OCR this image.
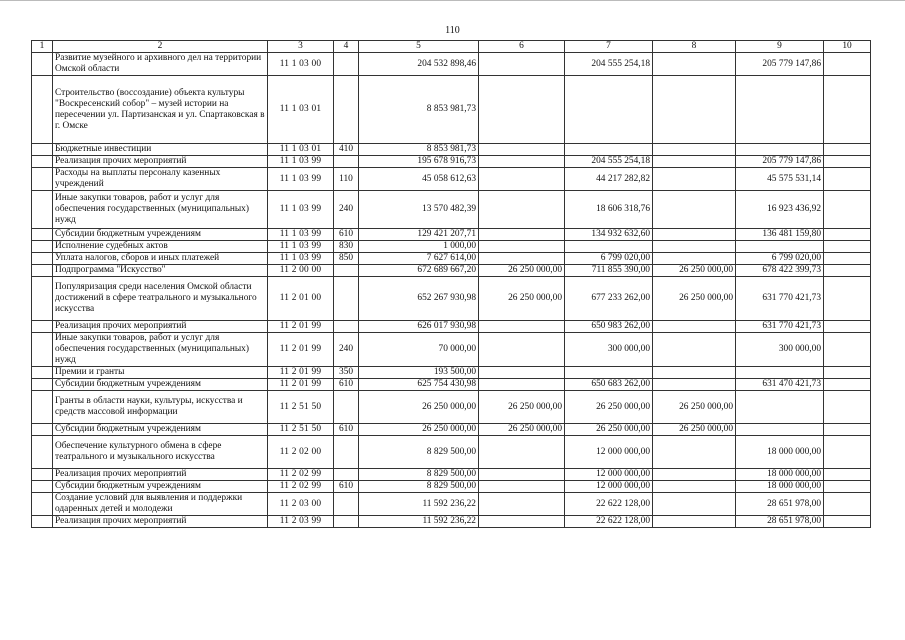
110
1	2	3	4	5	6	7	8	9	10
	Развитие музейного и архивного дел на территории Омской области	11 1 03 00		204 532 898,46		204 555 254,18		205 779 147,86	
	Строительство (воссоздание) объекта культуры "Воскресенский собор" – музей истории на пересечении ул. Партизанская и ул. Спартаковская в г. Омске	11 1 03 01		8 853 981,73					
	Бюджетные инвестиции	11 1 03 01	410	8 853 981,73					
	Реализация прочих мероприятий	11 1 03 99		195 678 916,73		204 555 254,18		205 779 147,86	
	Расходы на выплаты персоналу казенных учреждений	11 1 03 99	110	45 058 612,63		44 217 282,82		45 575 531,14	
	Иные закупки товаров, работ и услуг для обеспечения государственных (муниципальных) нужд	11 1 03 99	240	13 570 482,39		18 606 318,76		16 923 436,92	
	Субсидии бюджетным учреждениям	11 1 03 99	610	129 421 207,71		134 932 632,60		136 481 159,80	
	Исполнение судебных актов	11 1 03 99	830	1 000,00					
	Уплата налогов, сборов и иных платежей	11 1 03 99	850	7 627 614,00		6 799 020,00		6 799 020,00	
	Подпрограмма "Искусство"	11 2 00 00		672 689 667,20	26 250 000,00	711 855 390,00	26 250 000,00	678 422 399,73	
	Популяризация среди населения Омской области достижений в сфере театрального и музыкального искусства	11 2 01 00		652 267 930,98	26 250 000,00	677 233 262,00	26 250 000,00	631 770 421,73	
	Реализация прочих мероприятий	11 2 01 99		626 017 930,98		650 983 262,00		631 770 421,73	
	Иные закупки товаров, работ и услуг для обеспечения государственных (муниципальных) нужд	11 2 01 99	240	70 000,00		300 000,00		300 000,00	
	Премии и гранты	11 2 01 99	350	193 500,00					
	Субсидии бюджетным учреждениям	11 2 01 99	610	625 754 430,98		650 683 262,00		631 470 421,73	
	Гранты в области науки, культуры, искусства и средств массовой информации	11 2 51 50		26 250 000,00	26 250 000,00	26 250 000,00	26 250 000,00		
	Субсидии бюджетным учреждениям	11 2 51 50	610	26 250 000,00	26 250 000,00	26 250 000,00	26 250 000,00		
	Обеспечение культурного обмена в сфере театрального и музыкального искусства	11 2 02 00		8 829 500,00		12 000 000,00		18 000 000,00	
	Реализация прочих мероприятий	11 2 02 99		8 829 500,00		12 000 000,00		18 000 000,00	
	Субсидии бюджетным учреждениям	11 2 02 99	610	8 829 500,00		12 000 000,00		18 000 000,00	
	Создание условий для выявления и поддержки одаренных детей и молодежи	11 2 03 00		11 592 236,22		22 622 128,00		28 651 978,00	
	Реализация прочих мероприятий	11 2 03 99		11 592 236,22		22 622 128,00		28 651 978,00	
